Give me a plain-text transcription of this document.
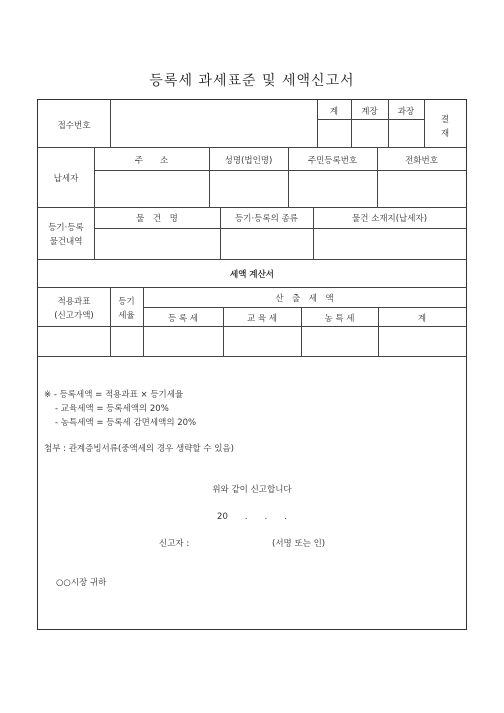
등록세 과세표준 및 세액신고서
접수번호
계	계장	과장
결
재
납세자
주　　소	성명(법인명)	주민등록번호	전화번호
등기·등록
물건내역
물　건　명	등기·등록의 종류	물건 소재지(납세자)
세액 계산서
적용과표
(신고가액)
등기
세율
산　출　세　액
등 록 세	교 육 세	농 특 세	계
※ - 등록세액 = 적용과표 × 등기세율
- 교육세액 = 등록세액의 20%
- 농특세액 = 등록세 감면세액의 20%
첨부 : 관계증빙서류(중액세의 경우 생략할 수 있음)
위와 같이 신고합니다
20　　.　　.　　.
신고자 :	(서명 또는 인)
○○시장 귀하
